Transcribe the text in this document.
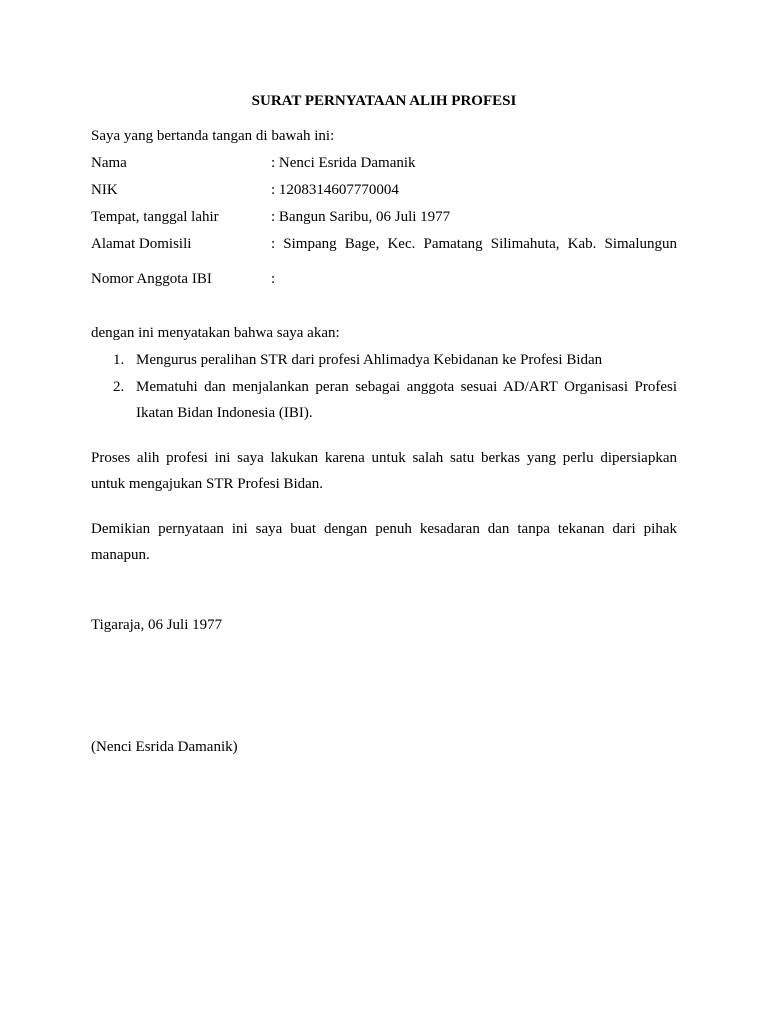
SURAT PERNYATAAN ALIH PROFESI
Saya yang bertanda tangan di bawah ini:
Nama	: Nenci Esrida Damanik
NIK	: 1208314607770004
Tempat, tanggal lahir	: Bangun Saribu, 06 Juli 1977
Alamat Domisili	: Simpang Bage, Kec. Pamatang Silimahuta, Kab. Simalungun
Nomor Anggota IBI	:
dengan ini menyatakan bahwa saya akan:
1. Mengurus peralihan STR dari profesi Ahlimadya Kebidanan ke Profesi Bidan
2. Mematuhi dan menjalankan peran sebagai anggota sesuai AD/ART Organisasi Profesi
Ikatan Bidan Indonesia (IBI).
Proses alih profesi ini saya lakukan karena untuk salah satu berkas yang perlu dipersiapkan
untuk mengajukan STR Profesi Bidan.
Demikian pernyataan ini saya buat dengan penuh kesadaran dan tanpa tekanan dari pihak
manapun.
Tigaraja, 06 Juli 1977
(Nenci Esrida Damanik)
